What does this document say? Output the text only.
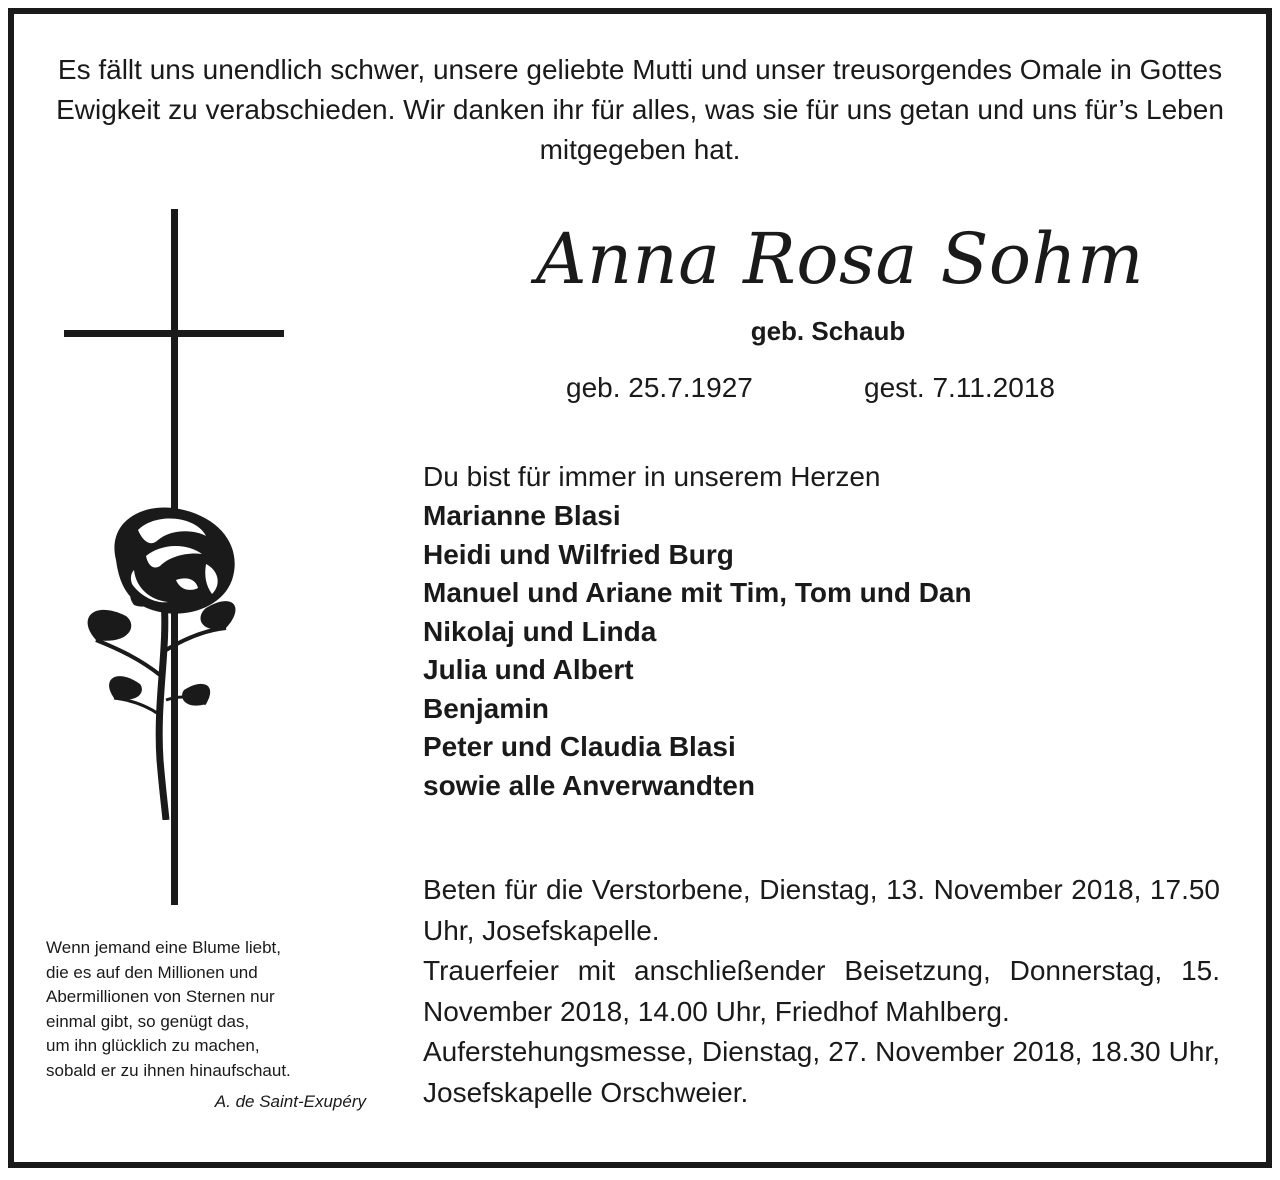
Es fällt uns unendlich schwer, unsere geliebte Mutti und unser treusorgendes Omale in Gottes Ewigkeit zu verabschieden. Wir danken ihr für alles, was sie für uns getan und uns für’s Leben mitgegeben hat.

Wenn jemand eine Blume liebt,
die es auf den Millionen und
Abermillionen von Sternen nur
einmal gibt, so genügt das,
um ihn glücklich zu machen,
sobald er zu ihnen hinaufschaut.
A. de Saint-Exupéry
Anna Rosa Sohm
geb. Schaub
geb. 25.7.1927	gest. 7.11.2018
Du bist für immer in unserem Herzen
Marianne Blasi
Heidi und Wilfried Burg
Manuel und Ariane mit Tim, Tom und Dan
Nikolaj und Linda
Julia und Albert
Benjamin
Peter und Claudia Blasi
sowie alle Anverwandten

Beten für die Verstorbene, Dienstag, 13. November 2018, 17.50 Uhr, Josefskapelle.

Trauerfeier mit anschließender Beisetzung, Donnerstag, 15. November 2018, 14.00 Uhr, Friedhof Mahlberg.

Auferstehungsmesse, Dienstag, 27. November 2018, 18.30 Uhr, Josefskapelle Orschweier.
